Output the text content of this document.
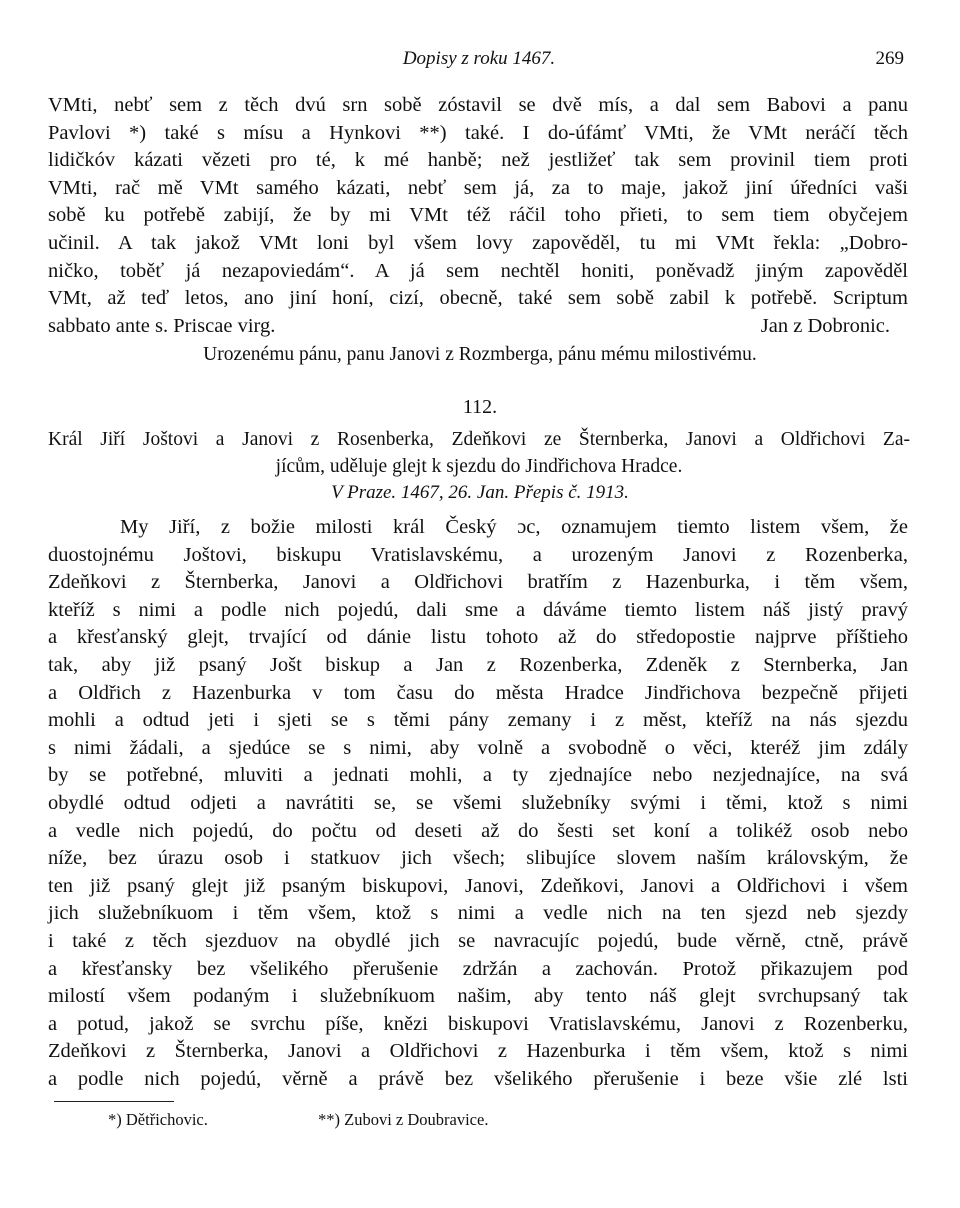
Dopisy z roku 1467.	269
VMti, nebť sem z těch dvú srn sobě zóstavil se dvě mís, a dal sem Babovi a panu
Pavlovi *) také s mísu a Hynkovi **) také. I do-úfámť VMti, že VMt neráčí těch
lidičkóv kázati vězeti pro té, k mé hanbě; než jestližeť tak sem provinil tiem proti
VMti, rač mě VMt samého kázati, nebť sem já, za to maje, jakož jiní úředníci vaši
sobě ku potřebě zabijí, že by mi VMt též ráčil toho přieti, to sem tiem obyčejem
učinil. A tak jakož VMt loni byl všem lovy zapověděl, tu mi VMt řekla: „Dobro-
ničko, toběť já nezapoviedám“. A já sem nechtěl honiti, poněvadž jiným zapověděl
VMt, až teď letos, ano jiní honí, cizí, obecně, také sem sobě zabil k potřebě. Scriptum
sabbato ante s. Priscae virg.	Jan z Dobronic.
Urozenému pánu, panu Janovi z Rozmberga, pánu mému milostivému.
112.
Král Jiří Joštovi a Janovi z Rosenberka, Zdeňkovi ze Šternberka, Janovi a Oldřichovi Za-
jícům, uděluje glejt k sjezdu do Jindřichova Hradce.
V Praze. 1467, 26. Jan. Přepis č. 1913.
My Jiří, z božie milosti král Český ɔc, oznamujem tiemto listem všem, že
duostojnému Joštovi, biskupu Vratislavskému, a urozeným Janovi z Rozenberka,
Zdeňkovi z Šternberka, Janovi a Oldřichovi bratřím z Hazenburka, i těm všem,
kteříž s nimi a podle nich pojedú, dali sme a dáváme tiemto listem náš jistý pravý
a křesťanský glejt, trvající od dánie listu tohoto až do středopostie najprve příštieho
tak, aby již psaný Jošt biskup a Jan z Rozenberka, Zdeněk z Sternberka, Jan
a Oldřich z Hazenburka v tom času do města Hradce Jindřichova bezpečně přijeti
mohli a odtud jeti i sjeti se s těmi pány zemany i z měst, kteříž na nás sjezdu
s nimi žádali, a sjedúce se s nimi, aby volně a svobodně o věci, kteréž jim zdály
by se potřebné, mluviti a jednati mohli, a ty zjednajíce nebo nezjednajíce, na svá
obydlé odtud odjeti a navrátiti se, se všemi služebníky svými i těmi, ktož s nimi
a vedle nich pojedú, do počtu od deseti až do šesti set koní a tolikéž osob nebo
níže, bez úrazu osob i statkuov jich všech; slibujíce slovem naším královským, že
ten již psaný glejt již psaným biskupovi, Janovi, Zdeňkovi, Janovi a Oldřichovi i všem
jich služebníkuom i těm všem, ktož s nimi a vedle nich na ten sjezd neb sjezdy
i také z těch sjezduov na obydlé jich se navracujíc pojedú, bude věrně, ctně, právě
a křesťansky bez všelikého přerušenie zdržán a zachován. Protož přikazujem pod
milostí všem podaným i služebníkuom našim, aby tento náš glejt svrchupsaný tak
a potud, jakož se svrchu píše, knězi biskupovi Vratislavskému, Janovi z Rozenberku,
Zdeňkovi z Šternberka, Janovi a Oldřichovi z Hazenburka i těm všem, ktož s nimi
a podle nich pojedú, věrně a právě bez všelikého přerušenie i beze všie zlé lsti
*) Dětřichovic.	**) Zubovi z Doubravice.
